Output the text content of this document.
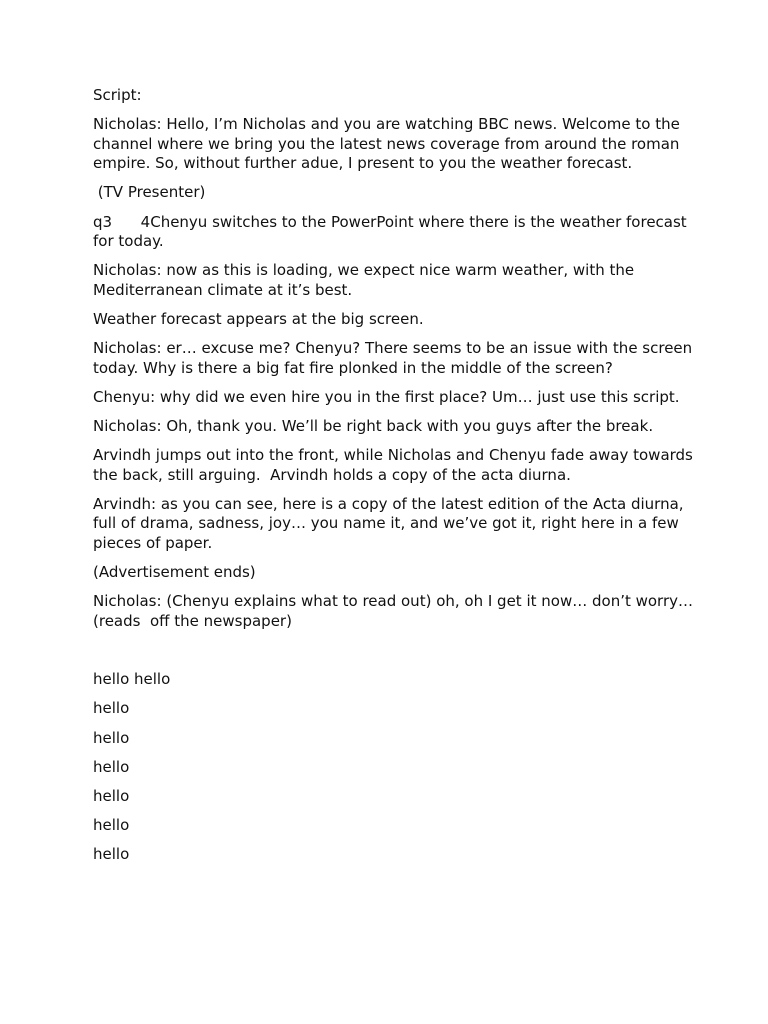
Script:

Nicholas: Hello, I’m Nicholas and you are watching BBC news. Welcome to the channel where we bring you the latest news coverage from around the roman empire. So, without further adue, I present to you the weather forecast.

(TV Presenter)

q3      4Chenyu switches to the PowerPoint where there is the weather forecast for today.

Nicholas: now as this is loading, we expect nice warm weather, with the Mediterranean climate at it’s best.

Weather forecast appears at the big screen.

Nicholas: er… excuse me? Chenyu? There seems to be an issue with the screen today. Why is there a big fat fire plonked in the middle of the screen?

Chenyu: why did we even hire you in the first place? Um… just use this script.

Nicholas: Oh, thank you. We’ll be right back with you guys after the break.

Arvindh jumps out into the front, while Nicholas and Chenyu fade away towards the back, still arguing.  Arvindh holds a copy of the acta diurna.

Arvindh: as you can see, here is a copy of the latest edition of the Acta diurna, full of drama, sadness, joy… you name it, and we’ve got it, right here in a few pieces of paper.

(Advertisement ends)

Nicholas: (Chenyu explains what to read out) oh, oh I get it now… don’t worry…  (reads  off the newspaper)

hello hello

hello

hello

hello

hello

hello

hello
